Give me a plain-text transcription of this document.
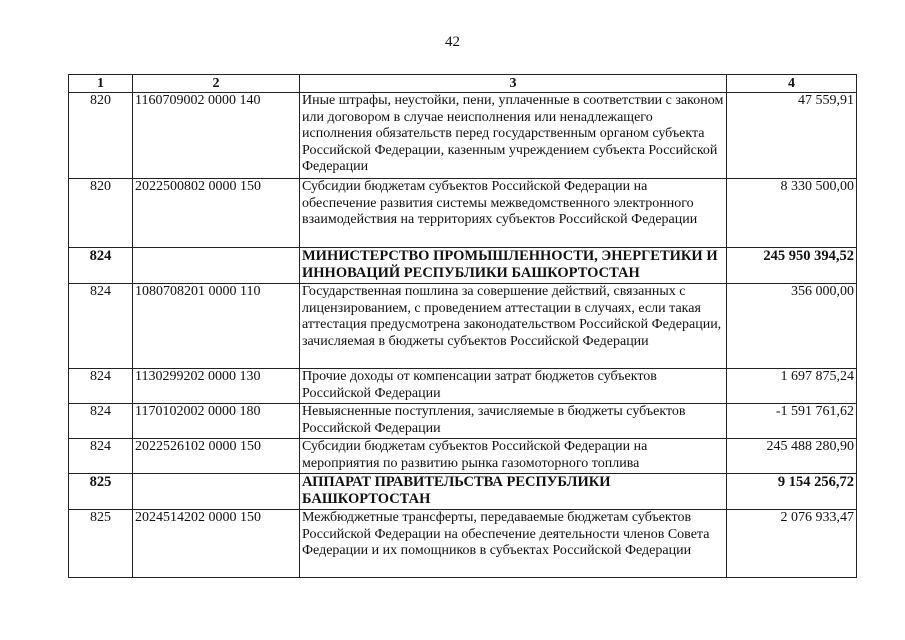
42
1	2	3	4
820	1160709002 0000 140	Иные штрафы, неустойки, пени, уплаченные в соответствии с законом или договором в случае неисполнения или ненадлежащего исполнения обязательств перед государственным органом субъекта Российской Федерации, казенным учреждением субъекта Российской Федерации	47 559,91
820	2022500802 0000 150	Субсидии бюджетам субъектов Российской Федерации на обеспечение развития системы межведомственного электронного взаимодействия на территориях субъектов Российской Федерации	8 330 500,00
824		МИНИСТЕРСТВО ПРОМЫШЛЕННОСТИ, ЭНЕРГЕТИКИ И ИННОВАЦИЙ РЕСПУБЛИКИ БАШКОРТОСТАН	245 950 394,52
824	1080708201 0000 110	Государственная пошлина за совершение действий, связанных с лицензированием, с проведением аттестации в случаях, если такая аттестация предусмотрена законодательством Российской Федерации, зачисляемая в бюджеты субъектов Российской Федерации	356 000,00
824	1130299202 0000 130	Прочие доходы от компенсации затрат бюджетов субъектов Российской Федерации	1 697 875,24
824	1170102002 0000 180	Невыясненные поступления, зачисляемые в бюджеты субъектов Российской Федерации	-1 591 761,62
824	2022526102 0000 150	Субсидии бюджетам субъектов Российской Федерации на мероприятия по развитию рынка газомоторного топлива	245 488 280,90
825		АППАРАТ ПРАВИТЕЛЬСТВА РЕСПУБЛИКИ БАШКОРТОСТАН	9 154 256,72
825	2024514202 0000 150	Межбюджетные трансферты, передаваемые бюджетам субъектов Российской Федерации на обеспечение деятельности членов Совета Федерации и их помощников в субъектах Российской Федерации	2 076 933,47
